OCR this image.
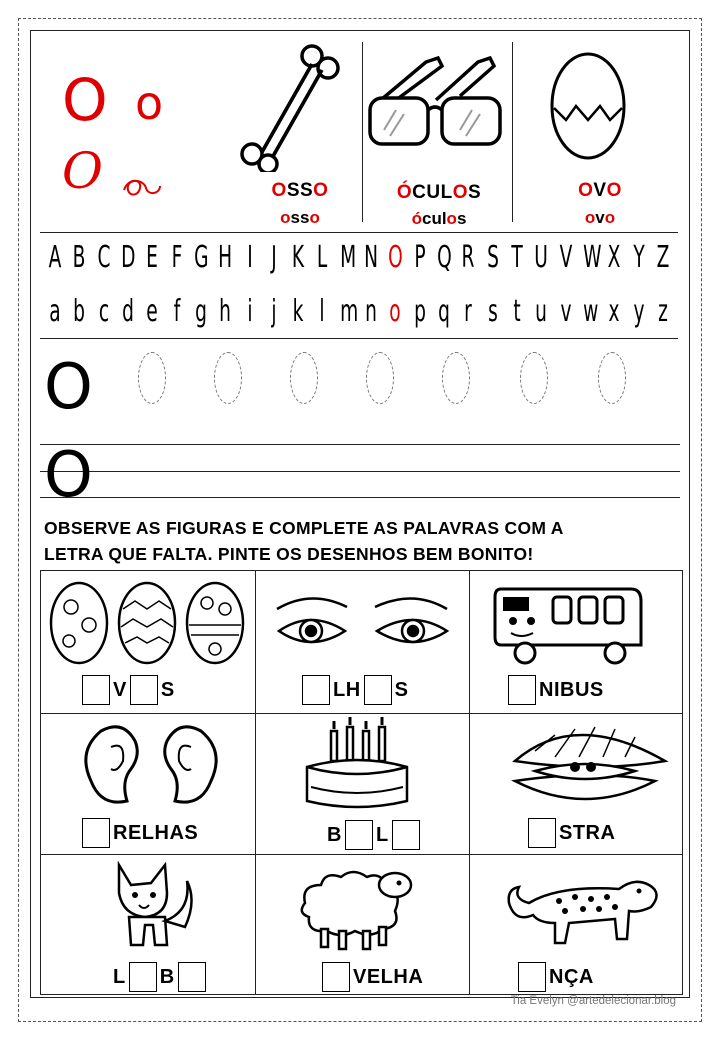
O o
O	OSSO
osso
ÓCULOS
óculos
OVO
ovo
A B C D E F G H I J K L M N O P Q R S T U V W X Y Z
a b c d e f g h i j k l m n o p q r s t u v w x y z
O
O
OBSERVE AS FIGURAS E COMPLETE AS PALAVRAS COM A
LETRA QUE FALTA. PINTE OS DESENHOS BEM BONITO!
V S	LH S	NIBUS
RELHAS	B L	STRA
L B	VELHA	NÇA
Tia Evelyn @artedelecionar.blog
